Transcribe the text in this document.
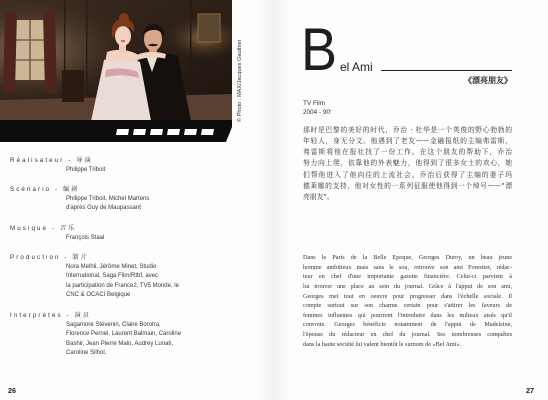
© Photo : MAX/Jacques Gauthier
Réalisateur - 导演
Philippe Triboit
Scénario - 编剧
Philippe Triboit, Michel Martens
d'après Guy de Maupassant
Musique - 音乐
François Staal
Production - 制片
Nora Melhli, Jérôme Minet, Studio
International, Saga Film/Rtbf, avec
la participation de France2, TV5 Monde, le
CNC & OCACI Belgique
Interprètes - 演员
Sagamore Stévenin, Claire Borotra,
Florence Pernel, Laurent Balmain, Caroline
Bashir, Jean Pierre Malo, Audrey Lunati,
Caroline Silhol.
26
B el Ami
《漂亮朋友》
TV Film
2004 - 90'
那时是巴黎的美好的时代，乔治 · 杜华是一个英俊的野心勃勃的
年轻人，身无分文。他遇到了老友——金融报纸的主编弗雷斯，
弗雷斯将他在报社找了一份工作。在这个朋友的帮助下，乔治
努力向上爬，依靠他的外表魅力，他得到了很多女士的欢心，她
们帮他进入了他向往的上流社会。乔治后获得了主编的妻子玛
德莱娜的支持，他对女性的一系列征服使他得到一个绰号——“漂
亮朋友”。
Dans le Paris de la Belle Epoque, Georges Duroy, un beau jeune
homme ambitieux mais sans le sou, retrouve son ami Forestier, rédac-
teur en chef d'une importante gazette financière. Celui-ci parvient à
lui trouver une place au sein du journal. Grâce à l'appui de son ami,
Georges met tout en oeuvre pour progresser dans l'échelle sociale. Il
compte surtout sur son charme certain pour s'attirer les faveurs de
femmes influentes qui pourront l'introduire dans les milieux aisés qu'il
convoite. Georges bénéficie notamment de l'appui de Madeleine,
l'épouse du rédacteur en chef du journal. Ses nombreuses conquêtes
dans la haute société lui valent bientôt le surnom de «Bel Ami».
27
